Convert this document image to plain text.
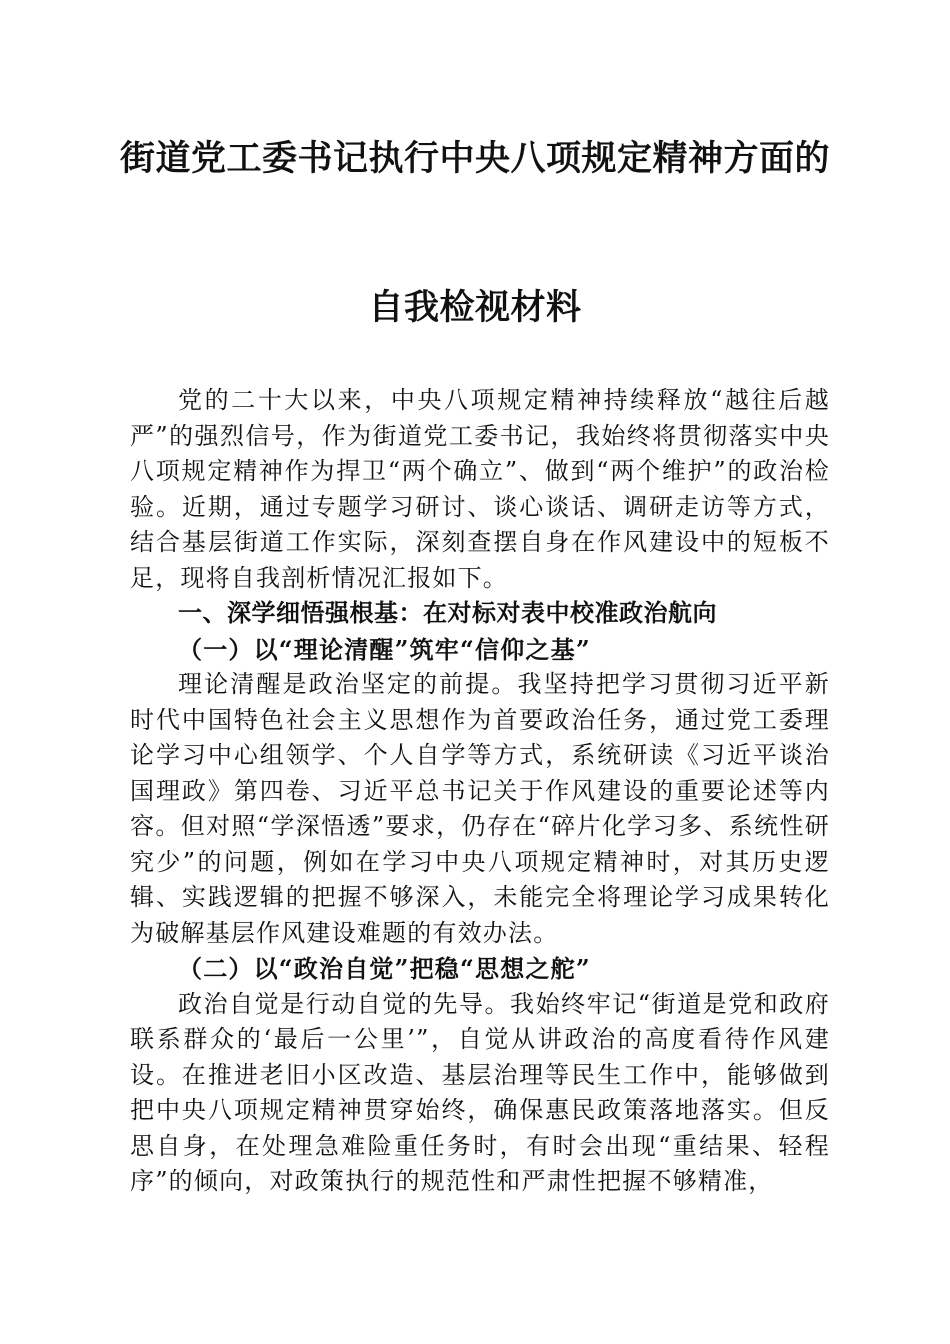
街道党工委书记执行中央八项规定精神方面的
自我检视材料

党的二十大以来，中央八项规定精神持续释放“越往后越严”的强烈信号，作为街道党工委书记，我始终将贯彻落实中央八项规定精神作为捍卫“两个确立”、做到“两个维护”的政治检验。近期，通过专题学习研讨、谈心谈话、调研走访等方式，结合基层街道工作实际，深刻查摆自身在作风建设中的短板不足，现将自我剖析情况汇报如下。

一、深学细悟强根基：在对标对表中校准政治航向

（一）以“理论清醒”筑牢“信仰之基”

理论清醒是政治坚定的前提。我坚持把学习贯彻习近平新时代中国特色社会主义思想作为首要政治任务，通过党工委理论学习中心组领学、个人自学等方式，系统研读《习近平谈治国理政》第四卷、习近平总书记关于作风建设的重要论述等内容。但对照“学深悟透”要求，仍存在“碎片化学习多、系统性研究少”的问题，例如在学习中央八项规定精神时，对其历史逻辑、实践逻辑的把握不够深入，未能完全将理论学习成果转化为破解基层作风建设难题的有效办法。

（二）以“政治自觉”把稳“思想之舵”

政治自觉是行动自觉的先导。我始终牢记“街道是党和政府联系群众的‘最后一公里’”，自觉从讲政治的高度看待作风建设。在推进老旧小区改造、基层治理等民生工作中，能够做到把中央八项规定精神贯穿始终，确保惠民政策落地落实。但反思自身，在处理急难险重任务时，有时会出现“重结果、轻程序”的倾向，对政策执行的规范性和严肃性把握不够精准，
